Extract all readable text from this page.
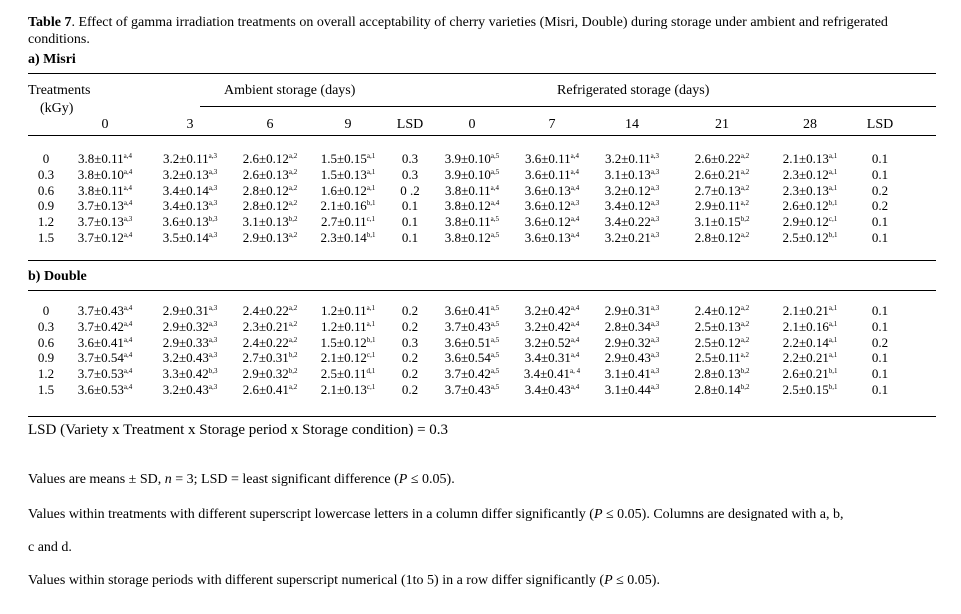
Table 7. Effect of gamma irradiation treatments on overall acceptability of cherry varieties (Misri, Double) during storage under ambient and refrigerated conditions.
a) Misri
Treatments
(kGy)
Ambient storage (days)	Refrigerated storage (days)
0	3	6	9	LSD	0	7	14	21	28	LSD
0 $3.8\pm 0.11^{a,4}$ $3.2\pm 0.11^{a,3}$ $2.6\pm 0.12^{a,2}$ $1.5\pm 0.15^{a,1}$ 0.3 $3.9\pm 0.10^{a,5}$ $3.6\pm 0.11^{a,4}$ $3.2\pm 0.11^{a,3}$	$2.6\pm 0.22^{a,2}$	$2.1\pm 0.13^{a,1}$	0.1
0.3 $3.8\pm 0.10^{a,4}$ $3.2\pm 0.13^{a,3}$ $2.6\pm 0.13^{a,2}$ $1.5\pm 0.13^{a,1}$ 0.3 $3.9\pm 0.10^{a,5}$ $3.6\pm 0.11^{a,4}$ $3.1\pm 0.13^{a,3}$	$2.6\pm 0.21^{a,2}$	$2.3\pm 0.12^{a,1}$	0.1
0.6 $3.8\pm 0.11^{a,4}$ $3.4\pm 0.14^{a,3}$ $2.8\pm 0.12^{a,2}$ $1.6\pm 0.12^{a,1}$ 0 .2 $3.8\pm 0.11^{a,4}$ $3.6\pm 0.13^{a,4}$ $3.2\pm 0.12^{a,3}$	$2.7\pm 0.13^{a,2}$	$2.3\pm 0.13^{a,1}$	0.2
0.9 $3.7\pm 0.13^{a,4}$ $3.4\pm 0.13^{a,3}$ $2.8\pm 0.12^{a,2}$ $2.1\pm 0.16^{b,1}$ 0.1 $3.8\pm 0.12^{a,4}$ $3.6\pm 0.12^{a,3}$ $3.4\pm 0.12^{a,3}$	$2.9\pm 0.11^{a,2}$	$2.6\pm 0.12^{b,1}$	0.2
1.2 $3.7\pm 0.13^{a,3}$ $3.6\pm 0.13^{b,3}$ $3.1\pm 0.13^{b,2}$ $2.7\pm 0.11^{c,1}$ 0.1 $3.8\pm 0.11^{a,5}$ $3.6\pm 0.12^{a,4}$ $3.4\pm 0.22^{a,3}$	$3.1\pm 0.15^{b,2}$	$2.9\pm 0.12^{c,1}$	0.1
1.5 $3.7\pm 0.12^{a,4}$ $3.5\pm 0.14^{a,3}$ $2.9\pm 0.13^{a,2}$ $2.3\pm 0.14^{b,1}$ 0.1 $3.8\pm 0.12^{a,5}$ $3.6\pm 0.13^{a,4}$ $3.2\pm 0.21^{a,3}$	$2.8\pm 0.12^{a,2}$	$2.5\pm 0.12^{b,1}$	0.1
b) Double
0 $3.7\pm 0.43^{a,4}$ $2.9\pm 0.31^{a,3}$ $2.4\pm 0.22^{a,2}$ $1.2\pm 0.11^{a,1}$ 0.2 $3.6\pm 0.41^{a,5}$ $3.2\pm 0.42^{a,4}$ $2.9\pm 0.31^{a,3}$	$2.4\pm 0.12^{a,2}$	$2.1\pm 0.21^{a,1}$	0.1
0.3 $3.7\pm 0.42^{a,4}$ $2.9\pm 0.32^{a,3}$ $2.3\pm 0.21^{a,2}$ $1.2\pm 0.11^{a,1}$ 0.2 $3.7\pm 0.43^{a,5}$ $3.2\pm 0.42^{a,4}$ $2.8\pm 0.34^{a,3}$	$2.5\pm 0.13^{a,2}$	$2.1\pm 0.16^{a,1}$	0.1
0.6 $3.6\pm 0.41^{a,4}$ $2.9\pm 0.33^{a,3}$ $2.4\pm 0.22^{a,2}$ $1.5\pm 0.12^{b,1}$ 0.3 $3.6\pm 0.51^{a,5}$ $3.2\pm 0.52^{a,4}$ $2.9\pm 0.32^{a,3}$	$2.5\pm 0.12^{a,2}$	$2.2\pm 0.14^{a,1}$	0.2
0.9 $3.7\pm 0.54^{a,4}$ $3.2\pm 0.43^{a,3}$ $2.7\pm 0.31^{b,2}$ $2.1\pm 0.12^{c,1}$ 0.2 $3.6\pm 0.54^{a,5}$ $3.4\pm 0.31^{a,4}$ $2.9\pm 0.43^{a,3}$	$2.5\pm 0.11^{a,2}$	$2.2\pm 0.21^{a,1}$	0.1
1.2 $3.7\pm 0.53^{a,4}$ $3.3\pm 0.42^{b,3}$ $2.9\pm 0.32^{b,2}$ $2.5\pm 0.11^{d,1}$ 0.2 $3.7\pm 0.42^{a,5}$ $3.4\pm 0.41^{a, 4}$ $3.1\pm 0.41^{a,3}$	$2.8\pm 0.13^{b,2}$	$2.6\pm 0.21^{b,1}$	0.1
1.5 $3.6\pm 0.53^{a,4}$ $3.2\pm 0.43^{a,3}$ $2.6\pm 0.41^{a,2}$ $2.1\pm 0.13^{c,1}$ 0.2 $3.7\pm 0.43^{a,5}$ $3.4\pm 0.43^{a,4}$ $3.1\pm 0.44^{a,3}$	$2.8\pm 0.14^{b,2}$	$2.5\pm 0.15^{b,1}$	0.1
LSD (Variety x Treatment x Storage period x Storage condition) = 0.3
Values are means ± SD, n = 3; LSD = least significant difference (P ≤ 0.05).
Values within treatments with different superscript lowercase letters in a column differ significantly (P ≤ 0.05). Columns are designated with a, b,
c and d.
Values within storage periods with different superscript numerical (1to 5) in a row differ significantly (P ≤ 0.05).
